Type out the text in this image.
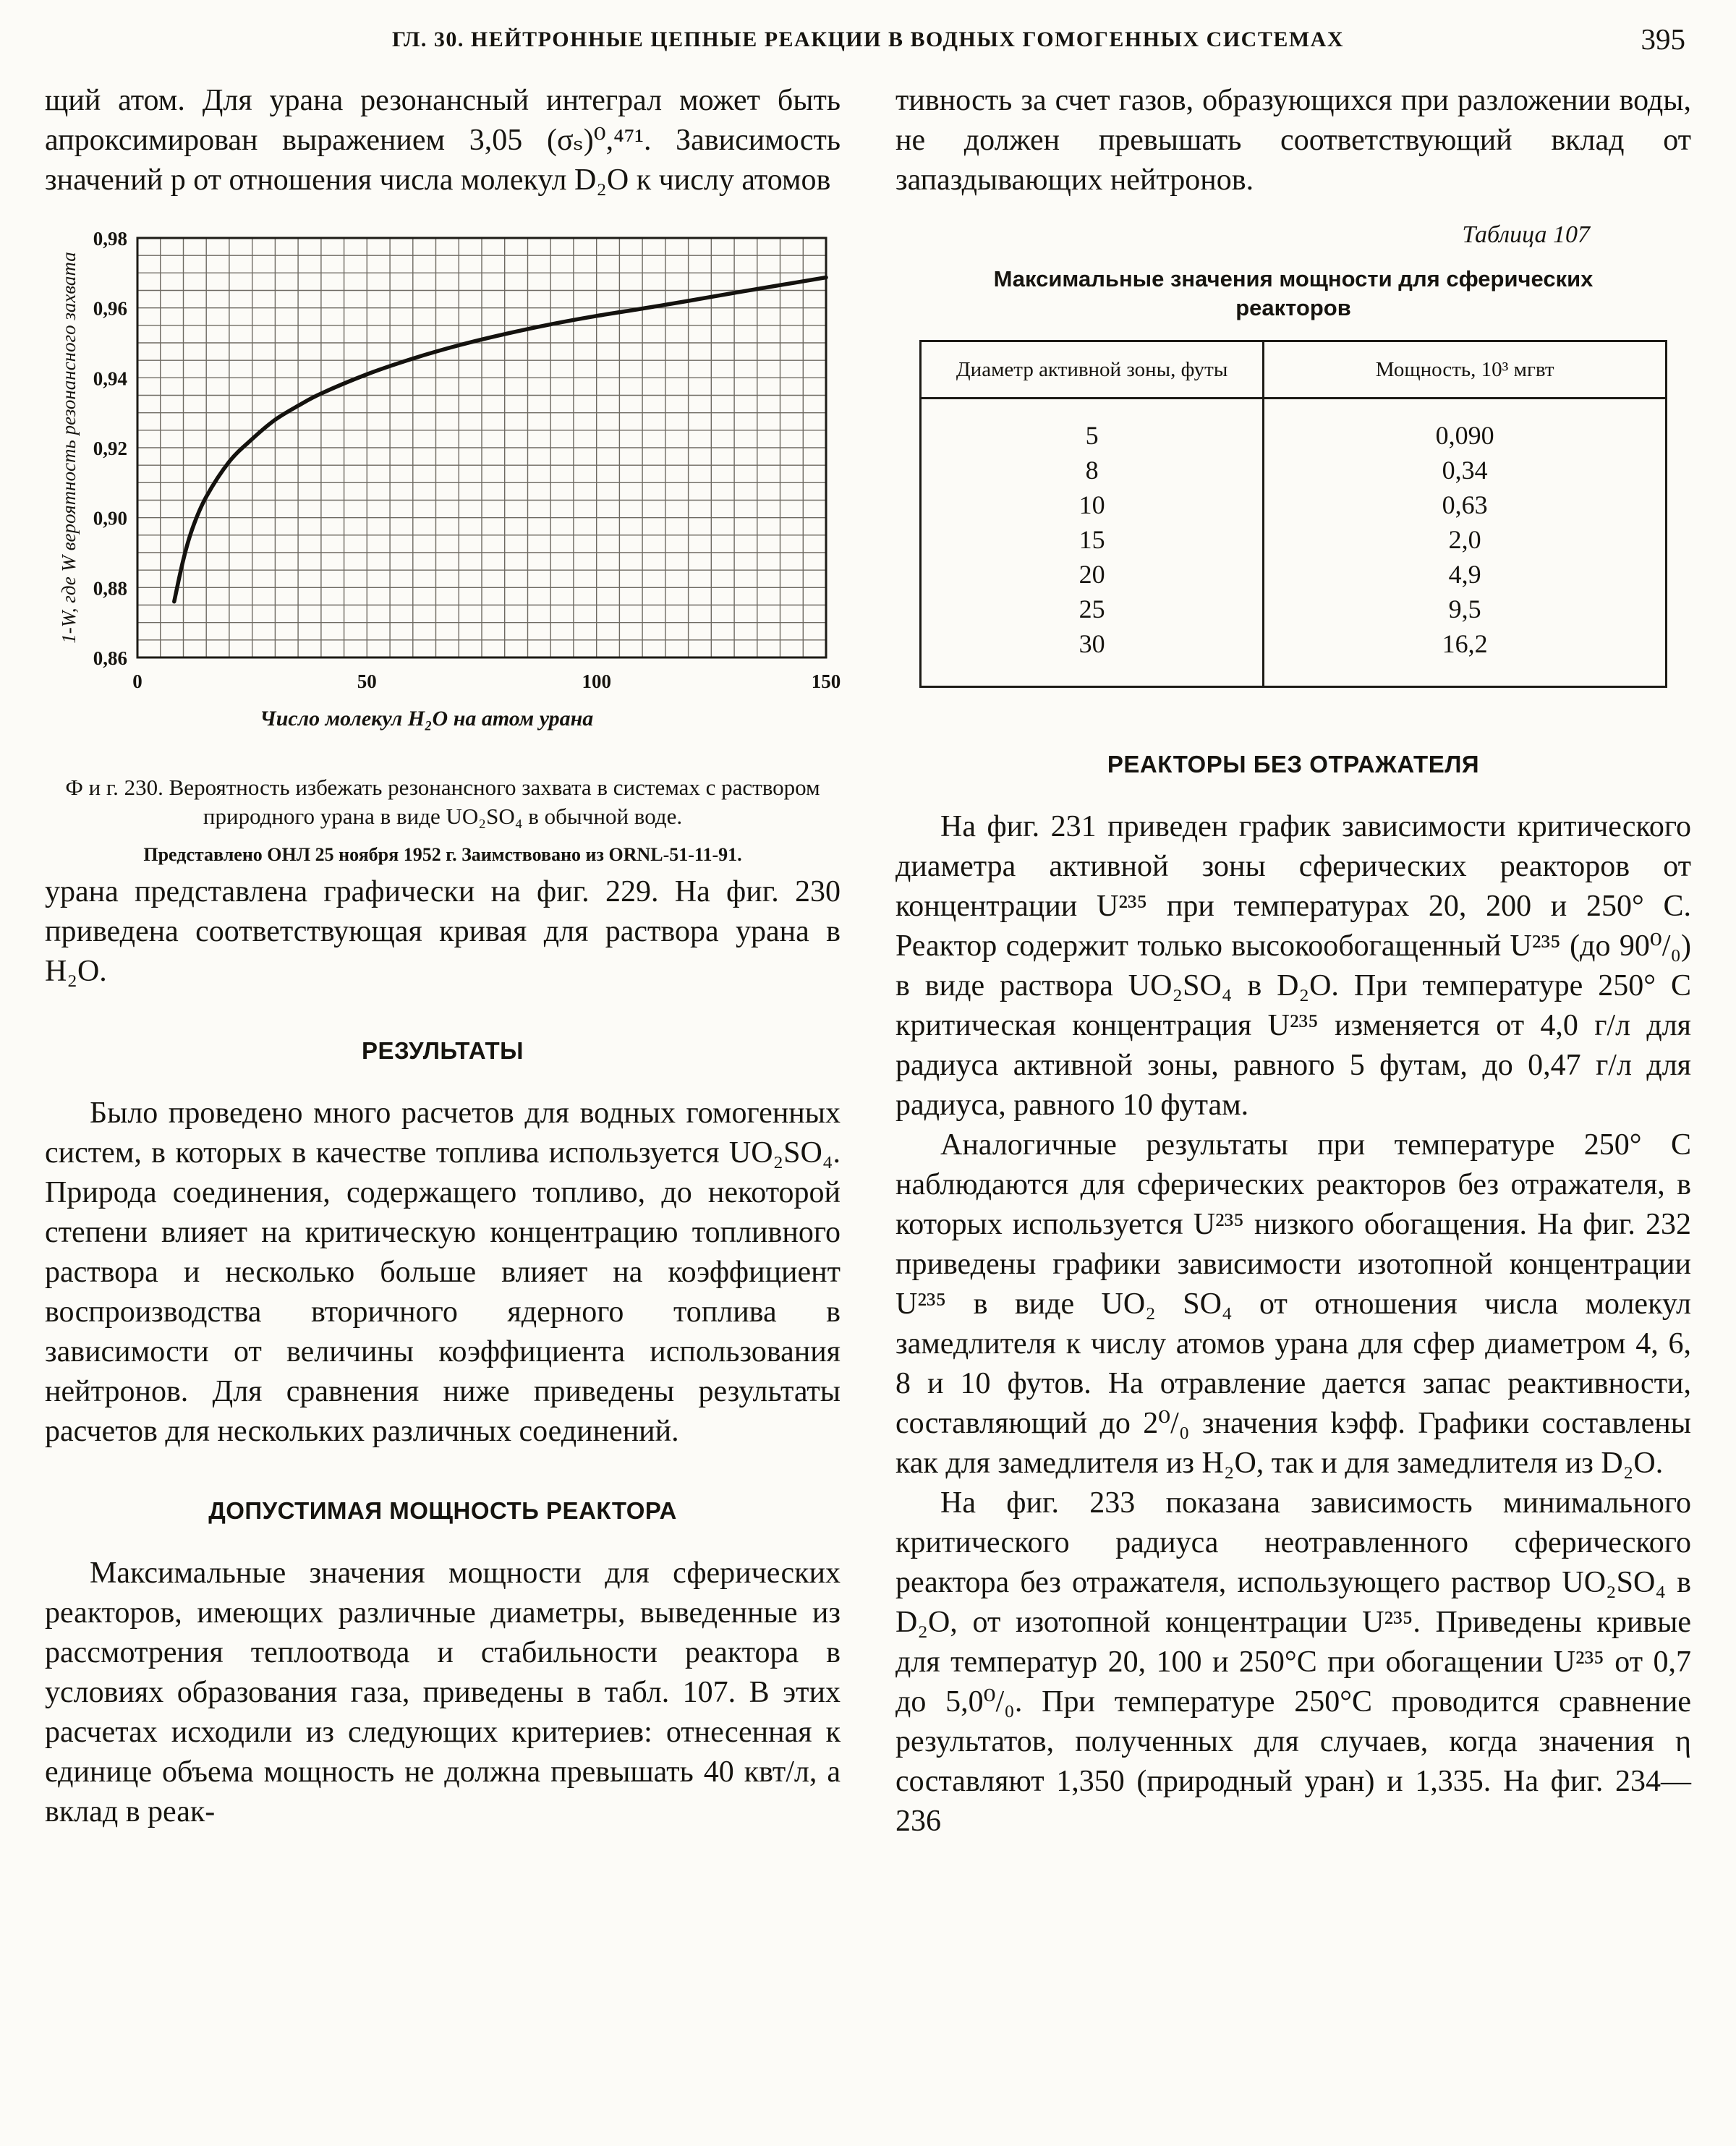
ГЛ. 30. НЕЙТРОННЫЕ ЦЕПНЫЕ РЕАКЦИИ В ВОДНЫХ ГОМОГЕННЫХ СИСТЕМАХ	395

щий атом. Для урана резонансный интеграл может быть апроксимирован выражением 3,05 (σₛ)⁰,⁴⁷¹. Зависимость значений p от отношения числа молекул D₂O к числу атомов

0,86
0,88
0,90
0,92
0,94
0,96
0,98
0	50	100	150
Число молекул H₂O на атом урана
1-W, где W вероятность резонансного захвата
Ф и г. 230. Вероятность избежать резонансного захвата в системах с раствором природного урана в виде UO₂SO₄ в обычной воде.
Представлено ОНЛ 25 ноября 1952 г. Заимствовано из ORNL-51-11-91.

урана представлена графически на фиг. 229. На фиг. 230 приведена соответствующая кривая для раствора урана в H₂O.

РЕЗУЛЬТАТЫ

Было проведено много расчетов для водных гомогенных систем, в которых в качестве топлива используется UO₂SO₄. Природа соединения, содержащего топливо, до некоторой степени влияет на критическую концентрацию топливного раствора и несколько больше влияет на коэффициент воспроизводства вторичного ядерного топлива в зависимости от величины коэффициента использования нейтронов. Для сравнения ниже приведены результаты расчетов для нескольких различных соединений.

ДОПУСТИМАЯ МОЩНОСТЬ РЕАКТОРА

Максимальные значения мощности для сферических реакторов, имеющих различные диаметры, выведенные из рассмотрения теплоотвода и стабильности реактора в условиях образования газа, приведены в табл. 107. В этих расчетах исходили из следующих критериев: отнесенная к единице объема мощность не должна превышать 40 квт/л, а вклад в реак-

тивность за счет газов, образующихся при разложении воды, не должен превышать соответствующий вклад от запаздывающих нейтронов.

Таблица 107
Максимальные значения мощности для сферических реакторов
Диаметр активной зоны, футы	Мощность, 10³ мгвт
5	0,090
8	0,34
10	0,63
15	2,0
20	4,9
25	9,5
30	16,2
РЕАКТОРЫ БЕЗ ОТРАЖАТЕЛЯ

На фиг. 231 приведен график зависимости критического диаметра активной зоны сферических реакторов от концентрации U²³⁵ при температурах 20, 200 и 250° С. Реактор содержит только высокообогащенный U²³⁵ (до 90⁰/₀) в виде раствора UO₂SO₄ в D₂O. При температуре 250° С критическая концентрация U²³⁵ изменяется от 4,0 г/л для радиуса активной зоны, равного 5 футам, до 0,47 г/л для радиуса, равного 10 футам.

Аналогичные результаты при температуре 250° С наблюдаются для сферических реакторов без отражателя, в которых используется U²³⁵ низкого обогащения. На фиг. 232 приведены графики зависимости изотопной концентрации U²³⁵ в виде UO₂ SO₄ от отношения числа молекул замедлителя к числу атомов урана для сфер диаметром 4, 6, 8 и 10 футов. На отравление дается запас реактивности, составляющий до 2⁰/₀ значения kэфф. Графики составлены как для замедлителя из H₂O, так и для замедлителя из D₂O.

На фиг. 233 показана зависимость минимального критического радиуса неотравленного сферического реактора без отражателя, использующего раствор UO₂SO₄ в D₂O, от изотопной концентрации U²³⁵. Приведены кривые для температур 20, 100 и 250°С при обогащении U²³⁵ от 0,7 до 5,0⁰/₀. При температуре 250°С проводится сравнение результатов, полученных для случаев, когда значения η составляют 1,350 (природный уран) и 1,335. На фиг. 234—236
